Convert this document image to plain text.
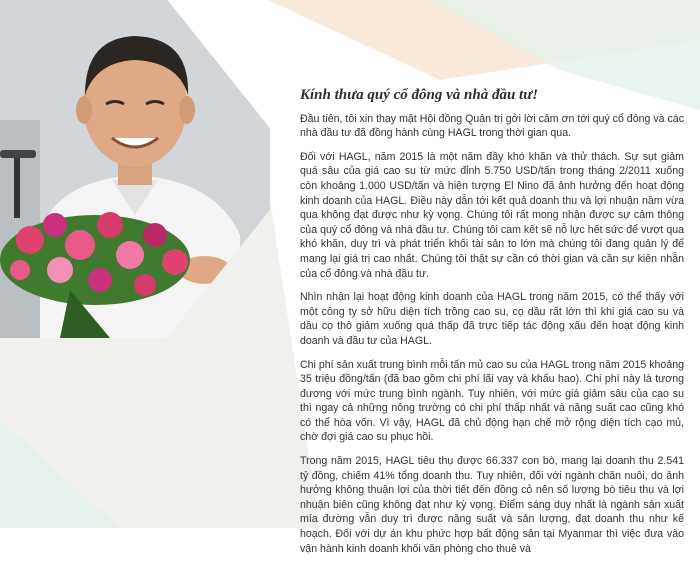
Kính thưa quý cổ đông và nhà đầu tư!

Đầu tiên, tôi xin thay mặt Hội đồng Quản trị gởi lời cảm ơn tới quý cổ đông và các nhà đầu tư đã đồng hành cùng HAGL trong thời gian qua.

Đối với HAGL, năm 2015 là một năm đầy khó khăn và thử thách. Sự sụt giảm quá sâu của giá cao su từ mức đỉnh 5.750 USD/tấn trong tháng 2/2011 xuống còn khoảng 1.000 USD/tấn và hiện tượng El Nino đã ảnh hưởng đến hoạt động kinh doanh của HAGL. Điều này dẫn tới kết quả doanh thu và lợi nhuận năm vừa qua không đạt được như kỳ vọng. Chúng tôi rất mong nhận được sự cảm thông của quý cổ đông và nhà đầu tư. Chúng tôi cam kết sẽ nỗ lực hết sức để vượt qua khó khăn, duy trì và phát triển khối tài sản to lớn mà chúng tôi đang quản lý để mang lại giá trị cao nhất. Chúng tôi thật sự cần có thời gian và cần sự kiên nhẫn của cổ đông và nhà đầu tư.

Nhìn nhận lại hoạt động kinh doanh của HAGL trong năm 2015, có thể thấy với một công ty sở hữu diện tích trồng cao su, cọ dầu rất lớn thì khi giá cao su và dầu cọ thô giảm xuống quá thấp đã trực tiếp tác động xấu đến hoạt động kinh doanh và đầu tư của HAGL.

Chi phí sản xuất trung bình mỗi tấn mủ cao su của HAGL trong năm 2015 khoảng 35 triệu đồng/tấn (đã bao gồm chi phí lãi vay và khấu hao). Chi phí này là tương đương với mức trung bình ngành. Tuy nhiên, với mức giá giảm sâu của cao su thì ngay cả những nông trường có chi phí thấp nhất và năng suất cao cũng khó có thể hòa vốn. Vì vậy, HAGL đã chủ động hạn chế mở rộng diện tích cạo mủ, chờ đợi giá cao su phục hồi.

Trong năm 2015, HAGL tiêu thụ được 66.337 con bò, mang lại doanh thu 2.541 tỷ đồng, chiếm 41% tổng doanh thu. Tuy nhiên, đối với ngành chăn nuôi, do ảnh hưởng không thuận lợi của thời tiết đến đồng cỏ nên số lượng bò tiêu thụ và lợi nhuận biên cũng không đạt như kỳ vọng. Điểm sáng duy nhất là ngành sản xuất mía đường vẫn duy trì được năng suất và sản lượng, đạt doanh thu như kế hoạch. Đối với dự án khu phức hợp bất động sản tại Myanmar thì việc đưa vào vận hành kinh doanh khối văn phòng cho thuê và
